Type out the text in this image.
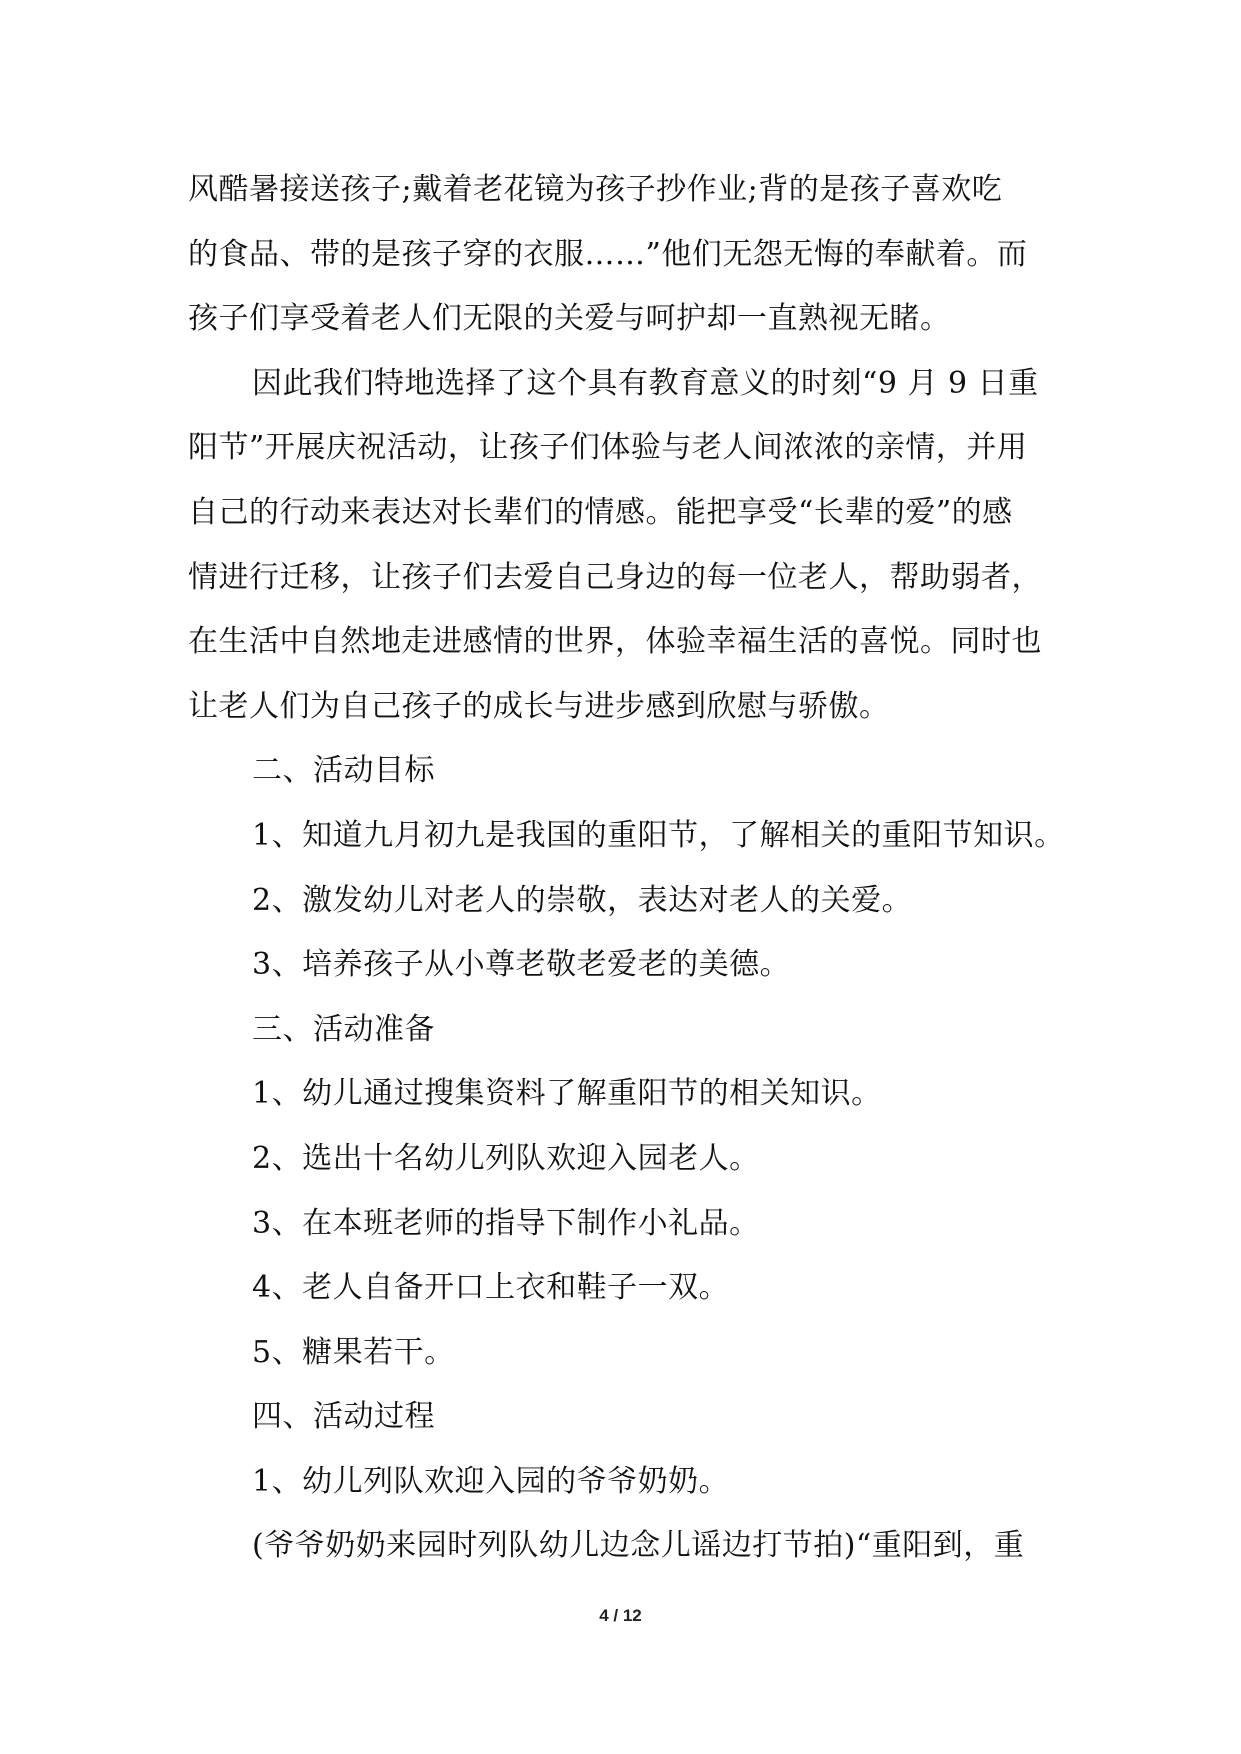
风酷暑接送孩子;戴着老花镜为孩子抄作业;背的是孩子喜欢吃
的食品、带的是孩子穿的衣服……”他们无怨无悔的奉献着。而
孩子们享受着老人们无限的关爱与呵护却一直熟视无睹。
因此我们特地选择了这个具有教育意义的时刻“9 月 9 日重
阳节”开展庆祝活动，让孩子们体验与老人间浓浓的亲情，并用
自己的行动来表达对长辈们的情感。能把享受“长辈的爱”的感
情进行迁移，让孩子们去爱自己身边的每一位老人，帮助弱者，
在生活中自然地走进感情的世界，体验幸福生活的喜悦。同时也
让老人们为自己孩子的成长与进步感到欣慰与骄傲。
二、活动目标
1、知道九月初九是我国的重阳节，了解相关的重阳节知识。
2、激发幼儿对老人的崇敬，表达对老人的关爱。
3、培养孩子从小尊老敬老爱老的美德。
三、活动准备
1、幼儿通过搜集资料了解重阳节的相关知识。
2、选出十名幼儿列队欢迎入园老人。
3、在本班老师的指导下制作小礼品。
4、老人自备开口上衣和鞋子一双。
5、糖果若干。
四、活动过程
1、幼儿列队欢迎入园的爷爷奶奶。
(爷爷奶奶来园时列队幼儿边念儿谣边打节拍)“重阳到，重
4 / 12
